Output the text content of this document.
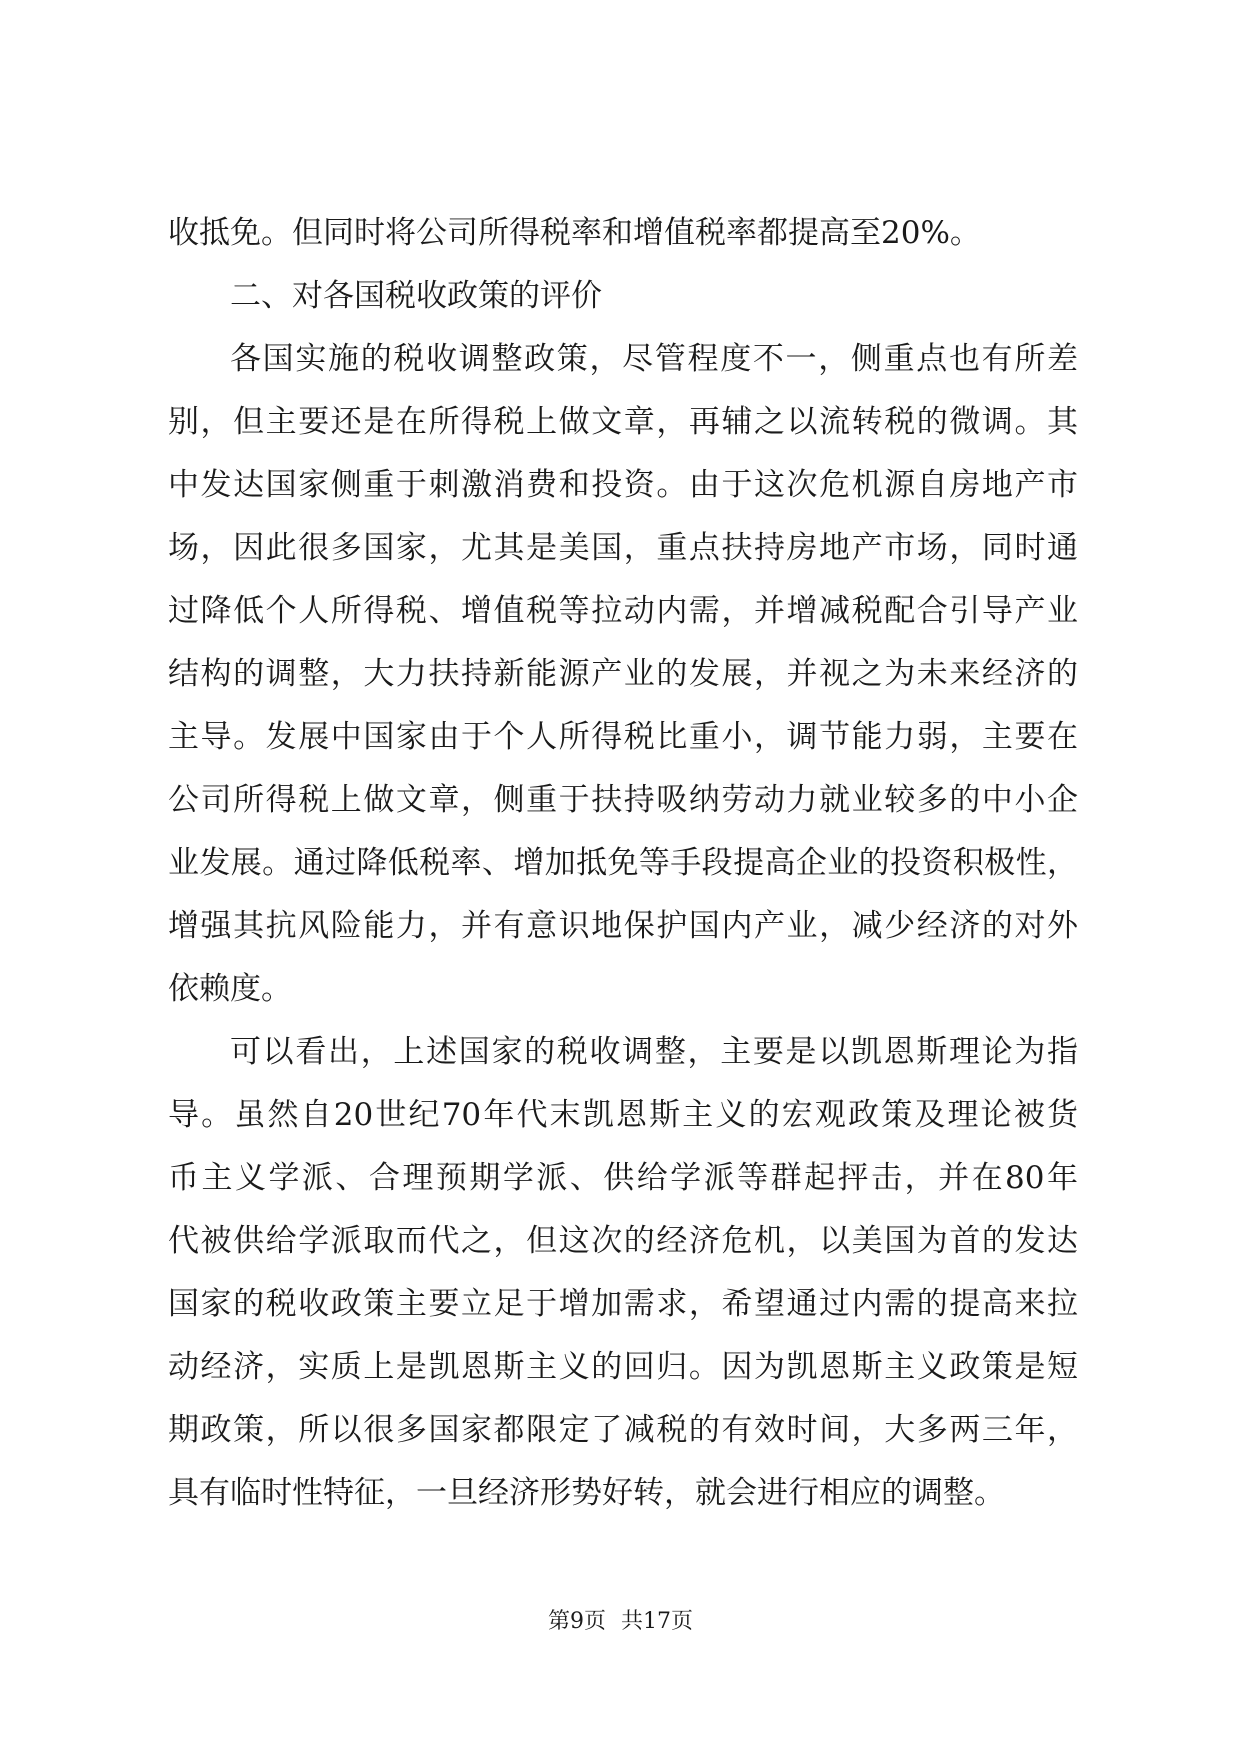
收抵免。但同时将公司所得税率和增值税率都提高至20%。
二、对各国税收政策的评价
各国实施的税收调整政策，尽管程度不一，侧重点也有所差
别，但主要还是在所得税上做文章，再辅之以流转税的微调。其
中发达国家侧重于刺激消费和投资。由于这次危机源自房地产市
场，因此很多国家，尤其是美国，重点扶持房地产市场，同时通
过降低个人所得税、增值税等拉动内需，并增减税配合引导产业
结构的调整，大力扶持新能源产业的发展，并视之为未来经济的
主导。发展中国家由于个人所得税比重小，调节能力弱，主要在
公司所得税上做文章，侧重于扶持吸纳劳动力就业较多的中小企
业发展。通过降低税率、增加抵免等手段提高企业的投资积极性，
增强其抗风险能力，并有意识地保护国内产业，减少经济的对外
依赖度。
可以看出，上述国家的税收调整，主要是以凯恩斯理论为指
导。虽然自20世纪70年代末凯恩斯主义的宏观政策及理论被货
币主义学派、合理预期学派、供给学派等群起抨击，并在80年
代被供给学派取而代之，但这次的经济危机，以美国为首的发达
国家的税收政策主要立足于增加需求，希望通过内需的提高来拉
动经济，实质上是凯恩斯主义的回归。因为凯恩斯主义政策是短
期政策，所以很多国家都限定了减税的有效时间，大多两三年，
具有临时性特征，一旦经济形势好转，就会进行相应的调整。
第9页 共17页
